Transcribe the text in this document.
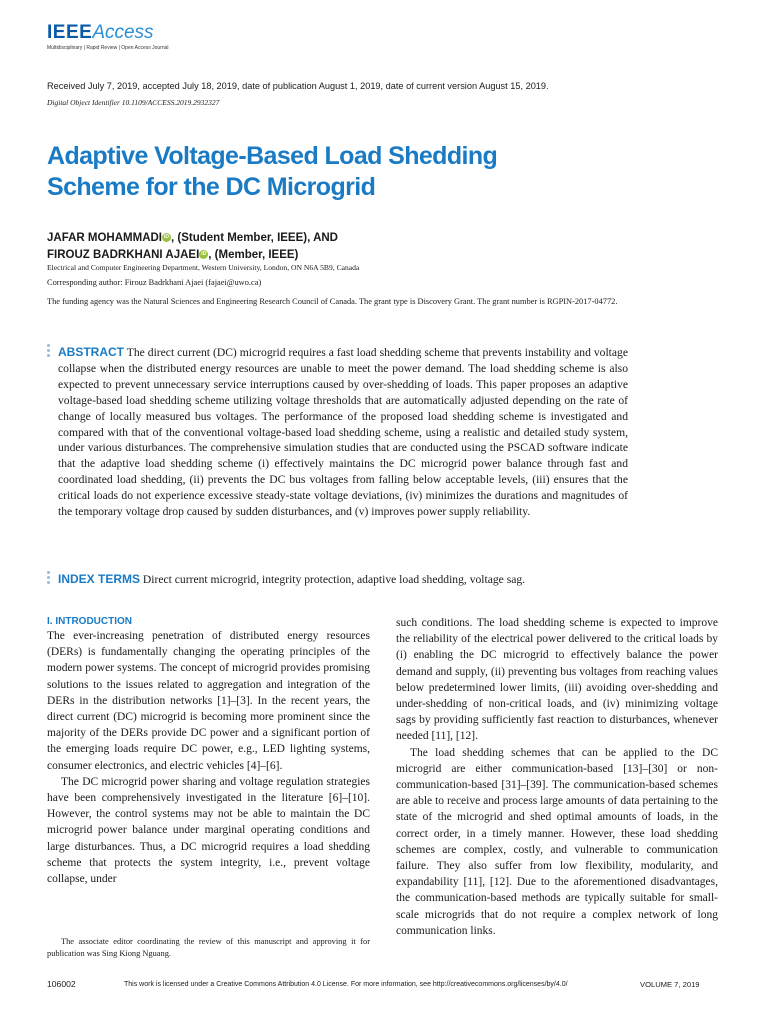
IEEEAccess
Multidisciplinary | Rapid Review | Open Access Journal
Received July 7, 2019, accepted July 18, 2019, date of publication August 1, 2019, date of current version August 15, 2019.
Digital Object Identifier 10.1109/ACCESS.2019.2932327
Adaptive Voltage-Based Load Shedding
Scheme for the DC Microgrid
JAFAR MOHAMMADI iD , (Student Member, IEEE), AND
FIROUZ BADRKHANI AJAEI iD , (Member, IEEE)
Electrical and Computer Engineering Department, Western University, London, ON N6A 5B9, Canada
Corresponding author: Firouz Badrkhani Ajaei (fajaei@uwo.ca)
The funding agency was the Natural Sciences and Engineering Research Council of Canada. The grant type is Discovery Grant. The grant number is RGPIN-2017-04772.
ABSTRACT The direct current (DC) microgrid requires a fast load shedding scheme that prevents instability and voltage collapse when the distributed energy resources are unable to meet the power demand. The load shedding scheme is also expected to prevent unnecessary service interruptions caused by over-shedding of loads. This paper proposes an adaptive voltage-based load shedding scheme utilizing voltage thresholds that are automatically adjusted depending on the rate of change of locally measured bus voltages. The performance of the proposed load shedding scheme is investigated and compared with that of the conventional voltage-based load shedding scheme, using a realistic and detailed study system, under various disturbances. The comprehensive simulation studies that are conducted using the PSCAD software indicate that the adaptive load shedding scheme (i) effectively maintains the DC microgrid power balance through fast and coordinated load shedding, (ii) prevents the DC bus voltages from falling below acceptable levels, (iii) ensures that the critical loads do not experience excessive steady-state voltage deviations, (iv) minimizes the durations and magnitudes of the temporary voltage drop caused by sudden disturbances, and (v) improves power supply reliability.
INDEX TERMS Direct current microgrid, integrity protection, adaptive load shedding, voltage sag.
I. INTRODUCTION

The ever-increasing penetration of distributed energy resources (DERs) is fundamentally changing the operating principles of the modern power systems. The concept of microgrid provides promising solutions to the issues related to aggregation and integration of the DERs in the distribution networks [1]–[3]. In the recent years, the direct current (DC) microgrid is becoming more prominent since the majority of the DERs provide DC power and a significant portion of the emerging loads require DC power, e.g., LED lighting systems, consumer electronics, and electric vehicles [4]–[6].

The DC microgrid power sharing and voltage regulation strategies have been comprehensively investigated in the literature [6]–[10]. However, the control systems may not be able to maintain the DC microgrid power balance under marginal operating conditions and large disturbances. Thus, a DC microgrid requires a load shedding scheme that protects the system integrity, i.e., prevent voltage collapse, under

such conditions. The load shedding scheme is expected to improve the reliability of the electrical power delivered to the critical loads by (i) enabling the DC microgrid to effectively balance the power demand and supply, (ii) preventing bus voltages from reaching values below predetermined lower limits, (iii) avoiding over-shedding and under-shedding of non-critical loads, and (iv) minimizing voltage sags by providing sufficiently fast reaction to disturbances, whenever needed [11], [12].

The load shedding schemes that can be applied to the DC microgrid are either communication-based [13]–[30] or non-communication-based [31]–[39]. The communication-based schemes are able to receive and process large amounts of data pertaining to the state of the microgrid and shed optimal amounts of loads, in the correct order, in a timely manner. However, these load shedding schemes are complex, costly, and vulnerable to communication failure. They also suffer from low flexibility, modularity, and expandability [11], [12]. Due to the aforementioned disadvantages, the communication-based methods are typically suitable for small-scale microgrids that do not require a complex network of long communication links.

The associate editor coordinating the review of this manuscript and approving it for publication was Sing Kiong Nguang.
106002	This work is licensed under a Creative Commons Attribution 4.0 License. For more information, see http://creativecommons.org/licenses/by/4.0/	VOLUME 7, 2019
